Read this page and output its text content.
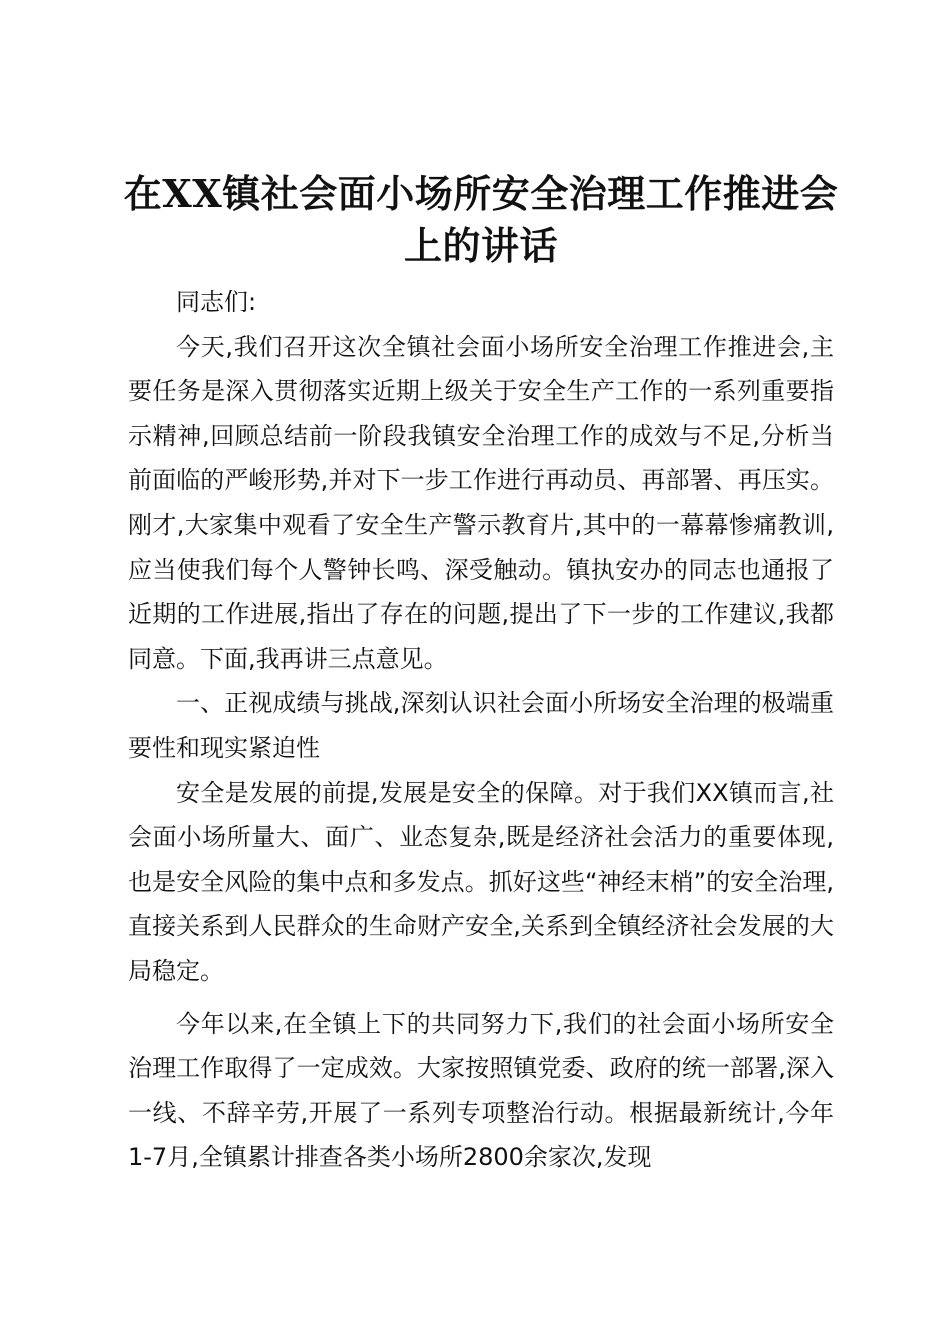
在XX镇社会面小场所安全治理工作推进会上的讲话

同志们:

今天,我们召开这次全镇社会面小场所安全治理工作推进会,主要任务是深入贯彻落实近期上级关于安全生产工作的一系列重要指示精神,回顾总结前一阶段我镇安全治理工作的成效与不足,分析当前面临的严峻形势,并对下一步工作进行再动员、再部署、再压实。刚才,大家集中观看了安全生产警示教育片,其中的一幕幕惨痛教训,应当使我们每个人警钟长鸣、深受触动。镇执安办的同志也通报了近期的工作进展,指出了存在的问题,提出了下一步的工作建议,我都同意。下面,我再讲三点意见。

一、正视成绩与挑战,深刻认识社会面小所场安全治理的极端重要性和现实紧迫性

安全是发展的前提,发展是安全的保障。对于我们XX镇而言,社会面小场所量大、面广、业态复杂,既是经济社会活力的重要体现,也是安全风险的集中点和多发点。抓好这些“神经末梢”的安全治理,直接关系到人民群众的生命财产安全,关系到全镇经济社会发展的大局稳定。

今年以来,在全镇上下的共同努力下,我们的社会面小场所安全治理工作取得了一定成效。大家按照镇党委、政府的统一部署,深入一线、不辞辛劳,开展了一系列专项整治行动。根据最新统计,今年1-7月,全镇累计排查各类小场所2800余家次,发现
